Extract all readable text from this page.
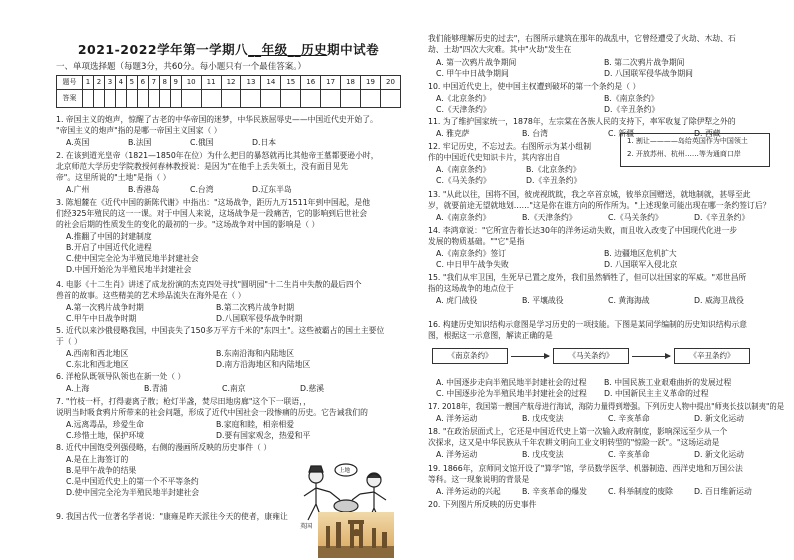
2021-2022学年第一学期八__年级__历史期中试卷
一、单项选择题（每题3分，共60分。每小题只有一个最佳答案。）
题号	1	2	3	4	5	6	7	8	9	10	11	12	13	14	15	16	17	18	19	20
答案																				
1. 帝国主义的炮声，惊醒了古老的中华帝国的迷梦，中华民族屈辱史——中国近代史开始了。
"帝国主义的炮声"指的是哪一帝国主义国家（ ）
A.英国	B.法国	C.俄国	D.日本
2. 在该到道光皇帝（1821—1850年在位）为什么把目的暴怒就再比其他帝王墓都要逊小时，
北京师范大学历史学院教授何春林教授说：是因为"在他手上丢失领土，没有面目见先
帝"。这里所说的"土地"是指（ ）
A.广州	B.香港岛	C.台湾	D.辽东半岛
3. 陈旭麓在《近代中国的新陈代谢》中指出："这场战争，距历九万1511年到中国起，是他
们经325年殖民的这一一课。对于中国人来说，这场战争是一段痛苦，它的影响到后世社会
的社会后期的性质发生的变化的最初的一步。"这场战争对中国的影响是（ ）
A.推翻了中国的封建制度
B.开启了中国近代化进程
C.使中国完全沦为半殖民地半封建社会
D.中国开始沦为半殖民地半封建社会
4. 电影《十二生肖》讲述了成龙扮演的杰克四处寻找"圆明园"十二生肖中失散的最后四个
兽首的故事。这些精美的艺术珍品流失在海外是在（ ）
A.第一次鸦片战争时期	B.第二次鸦片战争时期
C.甲午中日战争时期	D.八国联军侵华战争时期
5. 近代以来沙俄侵略我国，中国丧失了150多万平方千米的"东四土"。这些被霸占的国土主要位
于（ ）
A.西南和西北地区	B.东南沿海和内陆地区
C.东北和西北地区	D.南方沿海地区和内陆地区
6. 洋枪队既领导队领也在新一处（ ）
A.上海	B.青浦	C.南京	D.慈溪
7. "竹枝一杆，打得妻离子散；枪灯半盏，焚尽田地房廊"这个下一联语，，
说明当时吸食鸦片所带来的社会问题，形成了近代中国社会一段惨痛的历史。它告诫我们的
A.远离毒品，珍爱生命	B.家庭和睦，相亲相爱
C.珍惜土地，保护环境	D.要有国家观念，热爱和平
8. 近代中国饱受列强侵略，右侧的漫画所反映的历史事件（ ）
A.是在上海签订的
B.是甲午战争的结果
C.是中国近代史上的第一个不平等条约
D.使中国完全沦为半殖民地半封建社会
9. 我国古代一位著名学者说："康雍是昨天派往今天的使者，康雍让
英国
上地
我们能够理解历史的过去"，右图所示建筑在那年的战乱中，它曾经遭受了火劫、木劫、石
劫、土劫"四次大灾难。其中"火劫"发生在
A. 第一次鸦片战争期间	B. 第二次鸦片战争期间
C. 甲午中日战争期间	D. 八国联军侵华战争期间
10. 中国近代史上，使中国主权遭到破坏的第一个条约是（ ）
A.《北京条约》	B.《南京条约》
C.《天津条约》	D.《辛丑条约》
11. 为了维护国家统一，1878年，左宗棠在各族人民的支持下，率军收复了除伊犁之外的
A. 雅克萨	B. 台湾	C. 新疆	D. 西藏
12. 牢记历史，不忘过去。右图所示为某小组制
作的中国近代史知识卡片，其内容出自
A.《南京条约》	B.《北京条约》
C.《马关条约》	D.《辛丑条约》
13. "从此以往，国将不国，彼虎视眈眈，我之卒首京城，彼举京国赠送，就地制就，甚辱至此
岁，就要前途无望就地划……"这是你在谁方向的所作所为。"上述现象可能出现在哪一条约签订后？
A.《南京条约》	B.《天津条约》	C.《马关条约》	D.《辛丑条约》
14. 李鸿章说："它所宣告着长达30年的洋务运动失败，而且收入改变了中国现代化进一步
发展的物质基础。""它"是指
A.《南京条约》签订	B. 边疆地区危机扩大
C. 中日甲午战争失败	D. 八国联军入侵北京
15. "我们从牢卫国，生死早已置之度外，我们虽然牺牲了，但可以壮国家的军威。"邓世昌所
指的这场战争的地点位于
A. 虎门战役	B. 平壤战役	C. 黄海海战	D. 威海卫战役
16. 构建历史知识结构示意图是学习历史的一项技能。下图是某同学编制的历史知识结构示意
图，根据这一示意图，解读正确的是
A. 中国逐步走向半殖民地半封建社会的过程 B. 中国民族工业艰难曲折的发展过程
C. 中国逐步沦为半殖民地半封建社会的过程 D. 中国新民主主义革命的过程
17. 2018年，我国第一艘国产航母进行海试，海防力量得到增强。下列历史人物中提出"师夷长技以制夷"的是
A. 洋务运动	B. 戊戌变法	C. 辛亥革命	D. 新文化运动
18. "在政治层面式上，它还是中国近代史上第一次输入政府制度，影响深远至少从一个
次探求，这又是中华民族从千年农耕文明向工业文明转型的"惊险一跃"。"这场运动是
A. 洋务运动	B. 戊戌变法	C. 辛亥革命	D. 新文化运动
19. 1866年，京师同文馆开设了"算学"馆，学员数学医学、机器制造、西洋史地和万国公法
等科。这一现象说明的背景是
A. 洋务运动的兴起	B. 辛亥革命的爆发	C. 科举制度的废除	D. 百日维新运动
20. 下列图片所反映的历史事件
1. 割让————岛给英国作为中国领土
2. 开放苏州、杭州……等为通商口岸
《南京条约》	《马关条约》	《辛丑条约》
